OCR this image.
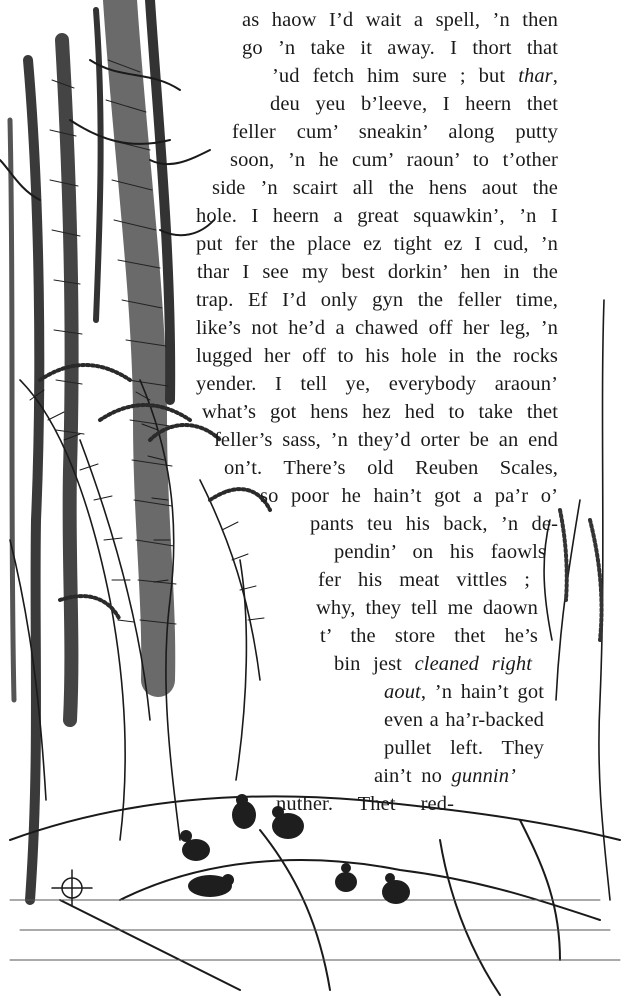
as haow I’d wait a spell, ’n then

go ’n take it away. I thort that

’ud fetch him sure ; but thar,

deu yeu b’leeve, I heern thet

feller cum’ sneakin’ along putty

soon, ’n he cum’ raoun’ to t’other

side ’n scairt all the hens aout the

hole. I heern a great squawkin’, ’n I

put fer the place ez tight ez I cud, ’n

thar I see my best dorkin’ hen in the

trap. Ef I’d only gyn the feller time,

like’s not he’d a chawed off her leg, ’n

lugged her off to his hole in the rocks

yender. I tell ye, everybody araoun’

what’s got hens hez hed to take thet

feller’s sass, ’n they’d orter be an end

on’t. There’s old Reuben Scales,

so poor he hain’t got a pa’r o’

pants teu his back, ’n de-

pendin’ on his faowls

fer his meat vittles ;

why, they tell me daown

t’ the store thet he’s

bin jest cleaned right

aout, ’n hain’t got

even a ha’r-backed

pullet left. They

ain’t no gunnin’

nuther. Thet red-
